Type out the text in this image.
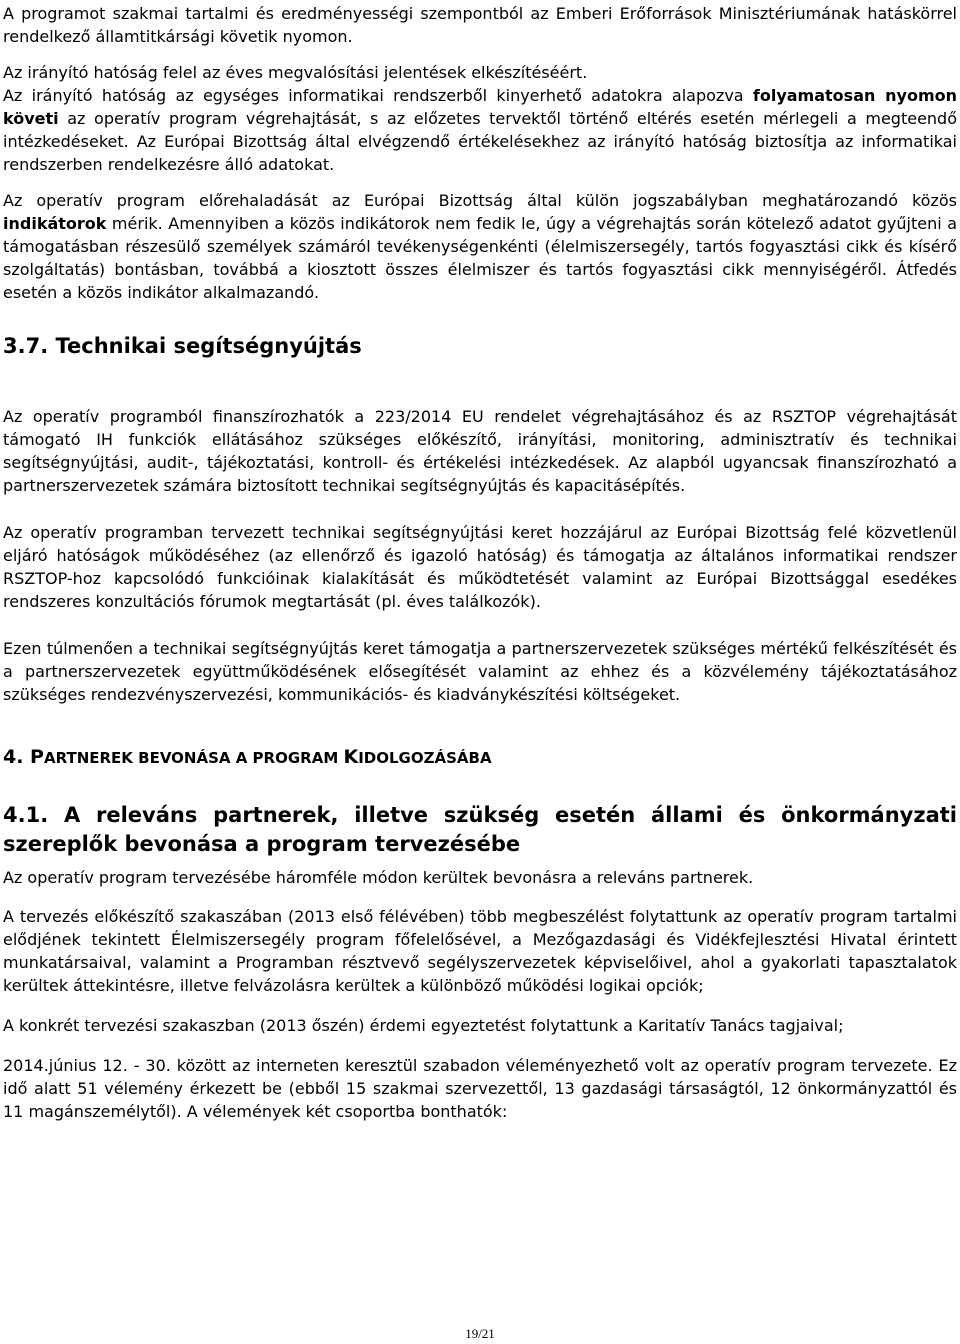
A programot szakmai tartalmi és eredményességi szempontból az Emberi Erőforrások Minisztériumának hatáskörrel rendelkező államtitkársági követik nyomon.

Az irányító hatóság felel az éves megvalósítási jelentések elkészítéséért.

Az irányító hatóság az egységes informatikai rendszerből kinyerhető adatokra alapozva folyamatosan nyomon követi az operatív program végrehajtását, s az előzetes tervektől történő eltérés esetén mérlegeli a megteendő intézkedéseket. Az Európai Bizottság által elvégzendő értékelésekhez az irányító hatóság biztosítja az informatikai rendszerben rendelkezésre álló adatokat.

Az operatív program előrehaladását az Európai Bizottság által külön jogszabályban meghatározandó közös indikátorok mérik. Amennyiben a közös indikátorok nem fedik le, úgy a végrehajtás során kötelező adatot gyűjteni a támogatásban részesülő személyek számáról tevékenységenkénti (élelmiszersegély, tartós fogyasztási cikk és kísérő szolgáltatás) bontásban, továbbá a kiosztott összes élelmiszer és tartós fogyasztási cikk mennyiségéről. Átfedés esetén a közös indikátor alkalmazandó.

3.7. Technikai segítségnyújtás

Az operatív programból finanszírozhatók a 223/2014 EU rendelet végrehajtásához és az RSZTOP végrehajtását támogató IH funkciók ellátásához szükséges előkészítő, irányítási, monitoring, adminisztratív és technikai segítségnyújtási, audit-, tájékoztatási, kontroll- és értékelési intézkedések. Az alapból ugyancsak finanszírozható a partnerszervezetek számára biztosított technikai segítségnyújtás és kapacitásépítés.

Az operatív programban tervezett technikai segítségnyújtási keret hozzájárul az Európai Bizottság felé közvetlenül eljáró hatóságok működéséhez (az ellenőrző és igazoló hatóság) és támogatja az általános informatikai rendszer RSZTOP-hoz kapcsolódó funkcióinak kialakítását és működtetését valamint az Európai Bizottsággal esedékes rendszeres konzultációs fórumok megtartását (pl. éves találkozók).

Ezen túlmenően a technikai segítségnyújtás keret támogatja a partnerszervezetek szükséges mértékű felkészítését és a partnerszervezetek együttműködésének elősegítését valamint az ehhez és a közvélemény tájékoztatásához szükséges rendezvényszervezési, kommunikációs- és kiadványkészítési költségeket.

4. PARTNEREK BEVONÁSA A PROGRAM KIDOLGOZÁSÁBA
4.1. A releváns partnerek, illetve szükség esetén állami és önkormányzati szereplők bevonása a program tervezésébe

Az operatív program tervezésébe háromféle módon kerültek bevonásra a releváns partnerek.

A tervezés előkészítő szakaszában (2013 első félévében) több megbeszélést folytattunk az operatív program tartalmi elődjének tekintett Élelmiszersegély program főfelelősével, a Mezőgazdasági és Vidékfejlesztési Hivatal érintett munkatársaival, valamint a Programban résztvevő segélyszervezetek képviselőivel, ahol a gyakorlati tapasztalatok kerültek áttekintésre, illetve felvázolásra kerültek a különböző működési logikai opciók;

A konkrét tervezési szakaszban (2013 őszén) érdemi egyeztetést folytattunk a Karitatív Tanács tagjaival;

2014.június 12. - 30. között az interneten keresztül szabadon véleményezhető volt az operatív program tervezete. Ez idő alatt 51 vélemény érkezett be (ebből 15 szakmai szervezettől, 13 gazdasági társaságtól, 12 önkormányzattól és 11 magánszemélytől). A vélemények két csoportba bonthatók:

19/21
